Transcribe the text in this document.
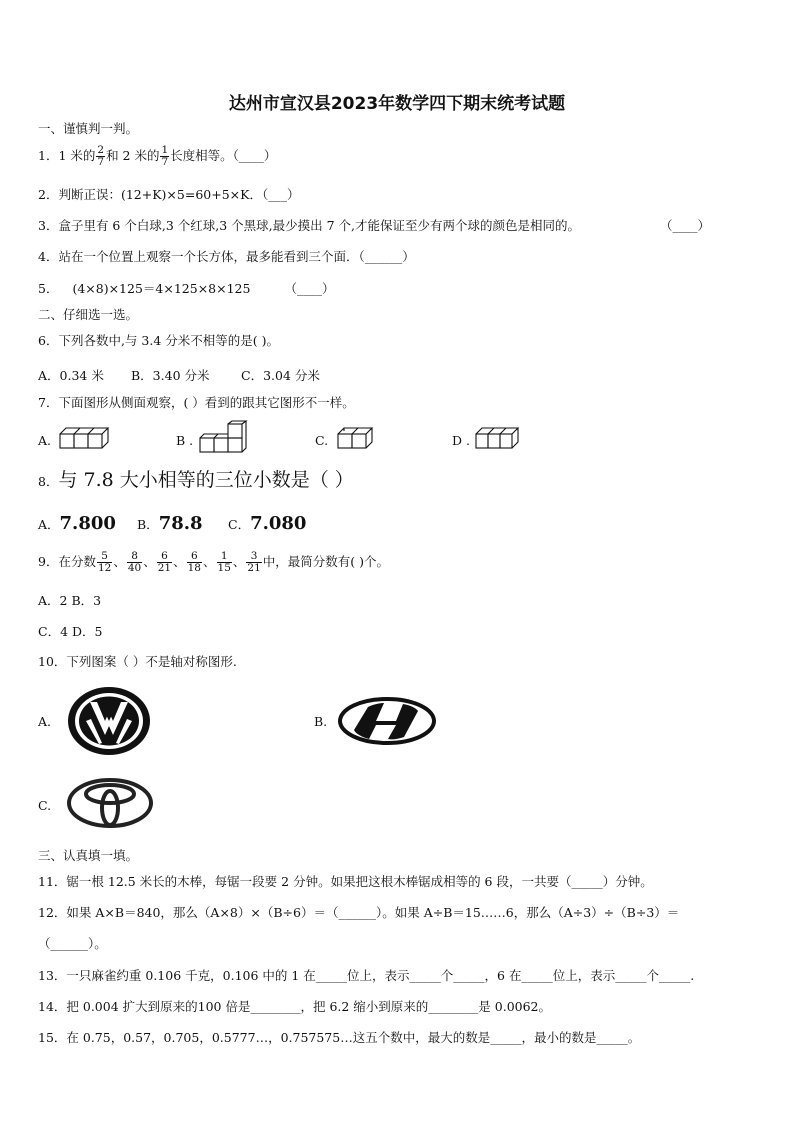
达州市宣汉县2023年数学四下期末统考试题
一、谨慎判一判。
1．1 米的 $\frac{2}{7}$ 和 2 米的 $\frac{1}{7}$ 长度相等。（____）
2．判断正误：(12+K)×5=60+5×K．（___）
3．盒子里有 6 个白球,3 个红球,3 个黑球,最少摸出 7 个,才能保证至少有两个球的颜色是相同的。	（____）
4．站在一个位置上观察一个长方体，最多能看到三个面．（______）
5． (4×8)×125＝4×125×8×125	（____）
二、仔细选一选。
6．下列各数中,与 3.4 分米不相等的是( )。
A．0.34 米 B．3.40 分米	C．3.04 分米
7．下面图形从侧面观察，( ）看到的跟其它图形不一样。
A.	B .	C.	D .
8．与 7.8 大小相等的三位小数是（ ）
A．7.800 B．78.8 C．7.080
9．在分数 $\frac{5}{12}$ 、 $\frac{8}{40}$ 、 $\frac{6}{21}$ 、 $\frac{6}{18}$ 、 $\frac{1}{15}$ 、 $\frac{3}{21}$ 中，最简分数有( )个。
A．2 B．3
C．4 D．5
10．下列图案（ ）不是轴对称图形.
A.	B.
C.
三、认真填一填。
11．锯一根 12.5 米长的木棒，每锯一段要 2 分钟。如果把这根木棒锯成相等的 6 段，一共要（_____）分钟。
12．如果 A×B＝840，那么（A×8）×（B÷6）＝（______）。如果 A÷B＝15……6，那么（A÷3）÷（B÷3）＝
（______）。
13．一只麻雀约重 0.106 千克，0.106 中的 1 在_____位上，表示_____个_____，6 在_____位上，表示_____个_____.
14．把 0.004 扩大到原来的100 倍是________，把 6.2 缩小到原来的________是 0.0062。
15．在 0.75，0.57，0.705，0.5777…，0.757575…这五个数中，最大的数是_____，最小的数是_____。
